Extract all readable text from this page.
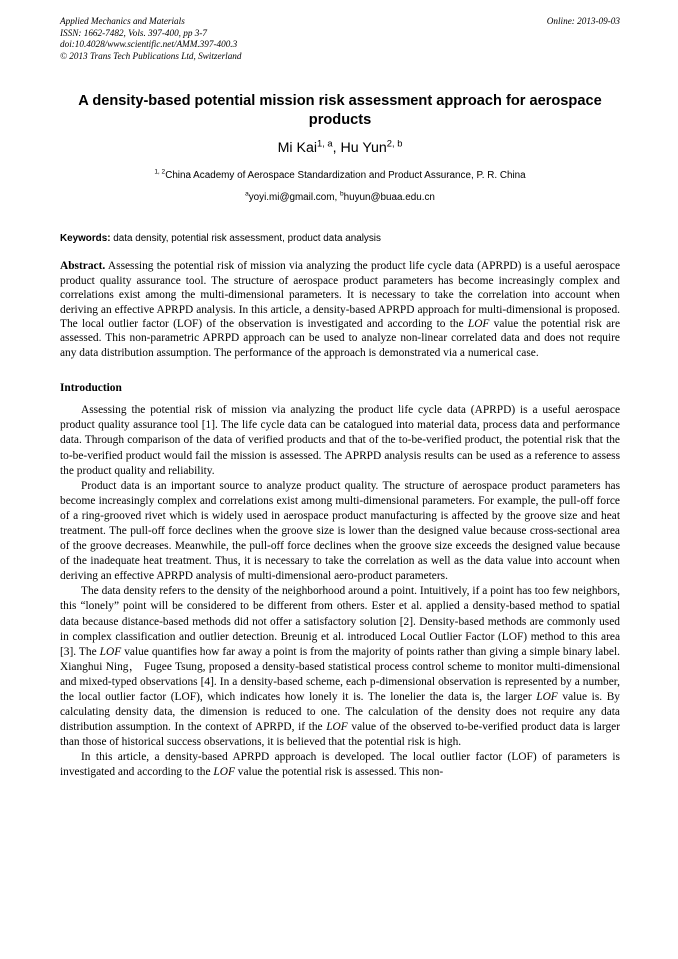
Applied Mechanics and Materials	Online: 2013-09-03
ISSN: 1662-7482, Vols. 397-400, pp 3-7
doi:10.4028/www.scientific.net/AMM.397-400.3
© 2013 Trans Tech Publications Ltd, Switzerland
A density-based potential mission risk assessment approach for aerospace products
Mi Kai$^{1, a}$, Hu Yun$^{2, b}$
$^{1, 2}$China Academy of Aerospace Standardization and Product Assurance, P. R. China
$^a$yoyi.mi@gmail.com, $^b$huyun@buaa.edu.cn
Keywords: data density, potential risk assessment, product data analysis
Abstract. Assessing the potential risk of mission via analyzing the product life cycle data (APRPD) is a useful aerospace product quality assurance tool. The structure of aerospace product parameters has become increasingly complex and correlations exist among the multi-dimensional parameters. It is necessary to take the correlation into account when deriving an effective APRPD analysis. In this article, a density-based APRPD approach for multi-dimensional is proposed. The local outlier factor (LOF) of the observation is investigated and according to the LOF value the potential risk are assessed. This non-parametric APRPD approach can be used to analyze non-linear correlated data and does not require any data distribution assumption. The performance of the approach is demonstrated via a numerical case.
Introduction

Assessing the potential risk of mission via analyzing the product life cycle data (APRPD) is a useful aerospace product quality assurance tool [1]. The life cycle data can be catalogued into material data, process data and performance data. Through comparison of the data of verified products and that of the to-be-verified product, the potential risk that the to-be-verified product would fail the mission is assessed. The APRPD analysis results can be used as a reference to assess the product quality and reliability.

Product data is an important source to analyze product quality. The structure of aerospace product parameters has become increasingly complex and correlations exist among multi-dimensional parameters. For example, the pull-off force of a ring-grooved rivet which is widely used in aerospace product manufacturing is affected by the groove size and heat treatment. The pull-off force declines when the groove size is lower than the designed value because cross-sectional area of the groove decreases. Meanwhile, the pull-off force declines when the groove size exceeds the designed value because of the inadequate heat treatment. Thus, it is necessary to take the correlation as well as the data value into account when deriving an effective APRPD analysis of multi-dimensional aero-product parameters.

The data density refers to the density of the neighborhood around a point. Intuitively, if a point has too few neighbors, this “lonely” point will be considered to be different from others. Ester et al. applied a density-based method to spatial data because distance-based methods did not offer a satisfactory solution [2]. Density-based methods are commonly used in complex classification and outlier detection. Breunig et al. introduced Local Outlier Factor (LOF) method to this area [3]. The LOF value quantifies how far away a point is from the majority of points rather than giving a simple binary label. Xianghui Ning， Fugee Tsung, proposed a density-based statistical process control scheme to monitor multi-dimensional and mixed-typed observations [4]. In a density-based scheme, each p-dimensional observation is represented by a number, the local outlier factor (LOF), which indicates how lonely it is. The lonelier the data is, the larger LOF value is. By calculating density data, the dimension is reduced to one. The calculation of the density does not require any data distribution assumption. In the context of APRPD, if the LOF value of the observed to-be-verified product data is larger than those of historical success observations, it is believed that the potential risk is high.

In this article, a density-based APRPD approach is developed. The local outlier factor (LOF) of parameters is investigated and according to the LOF value the potential risk is assessed. This non-
